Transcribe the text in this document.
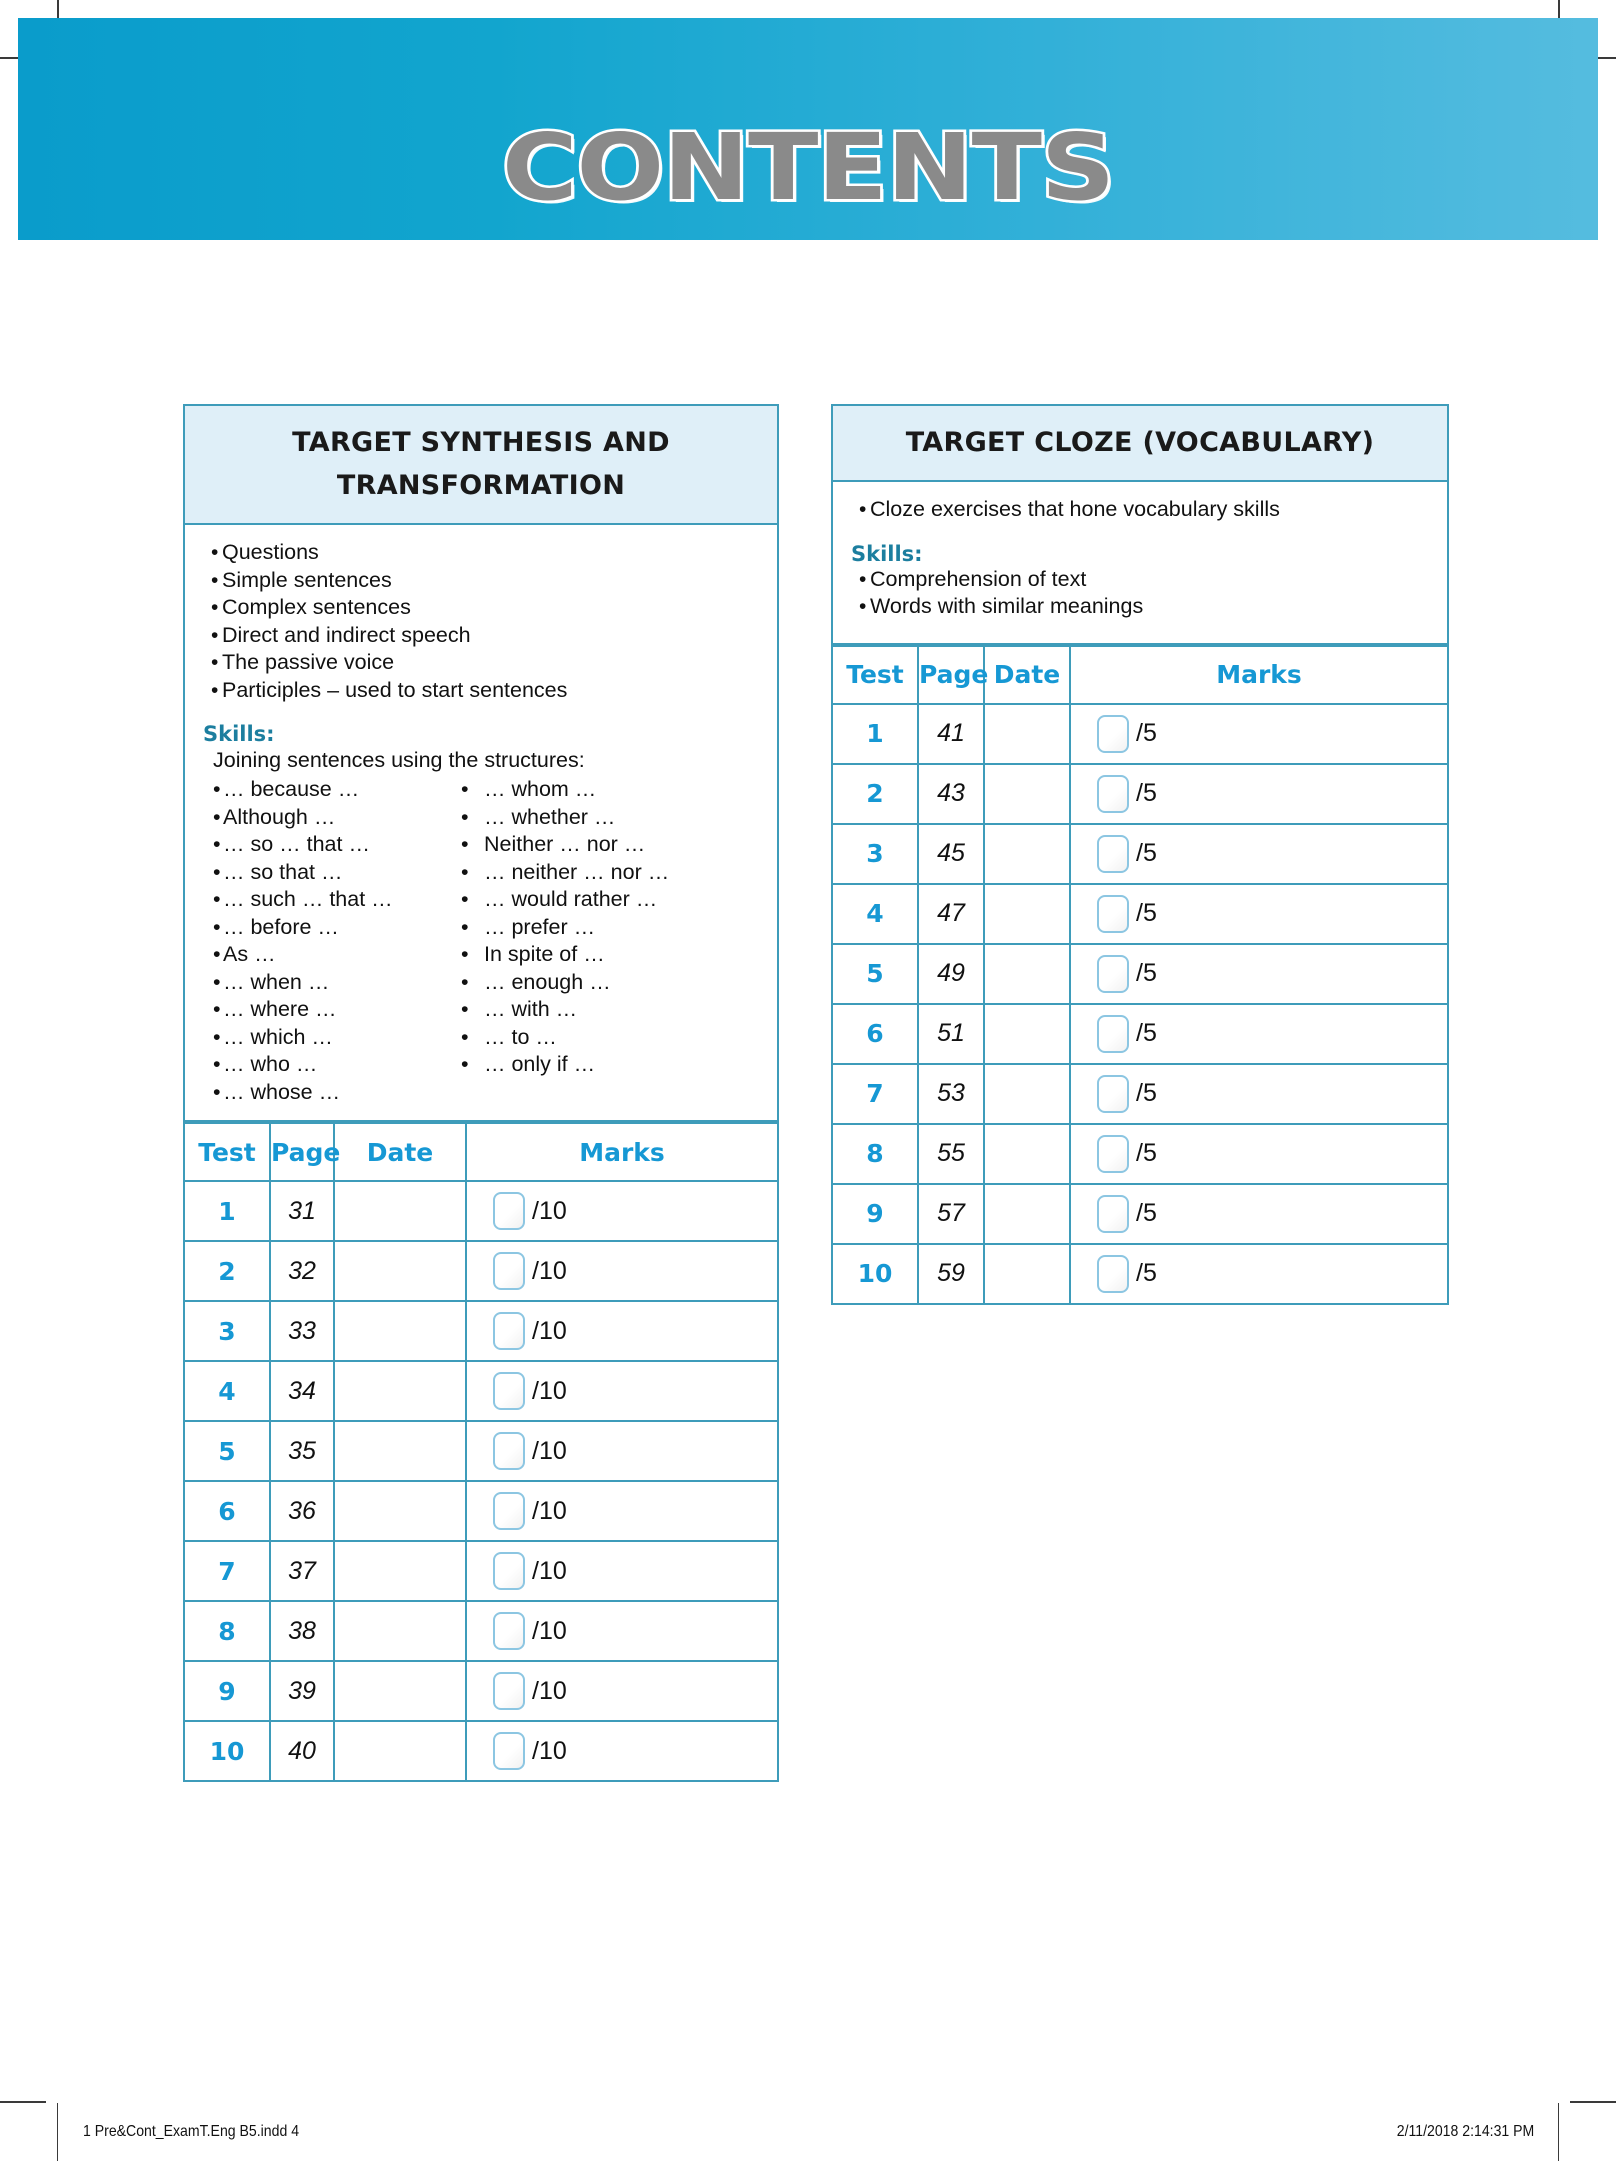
CONTENTS
TARGET SYNTHESIS AND TRANSFORMATION
• Questions
• Simple sentences
• Complex sentences
• Direct and indirect speech
• The passive voice
• Participles – used to start sentences
Skills:
Joining sentences using the structures:
• … because …
• Although …
• … so … that …
• … so that …
• … such … that …
• … before …
• As …
• … when …
• … where …
• … which …
• … who …
• … whose …
• … whom …
• … whether …
• Neither … nor …
• … neither … nor …
• … would rather …
• … prefer …
• In spite of …
• … enough …
• … with …
• … to …
• … only if …
Test	Page	Date	Marks
1	31		/10

2	32		/10

3	33		/10

4	34		/10

5	35		/10

6	36		/10

7	37		/10

8	38		/10

9	39		/10

10	40		/10
TARGET CLOZE (VOCABULARY)
• Cloze exercises that hone vocabulary skills
Skills:
• Comprehension of text
• Words with similar meanings
Test	Page	Date	Marks
1	41		/5

2	43		/5

3	45		/5

4	47		/5

5	49		/5

6	51		/5

7	53		/5

8	55		/5

9	57		/5

10	59		/5
1 Pre&Cont_ExamT.Eng B5.indd 4	2/11/2018 2:14:31 PM
